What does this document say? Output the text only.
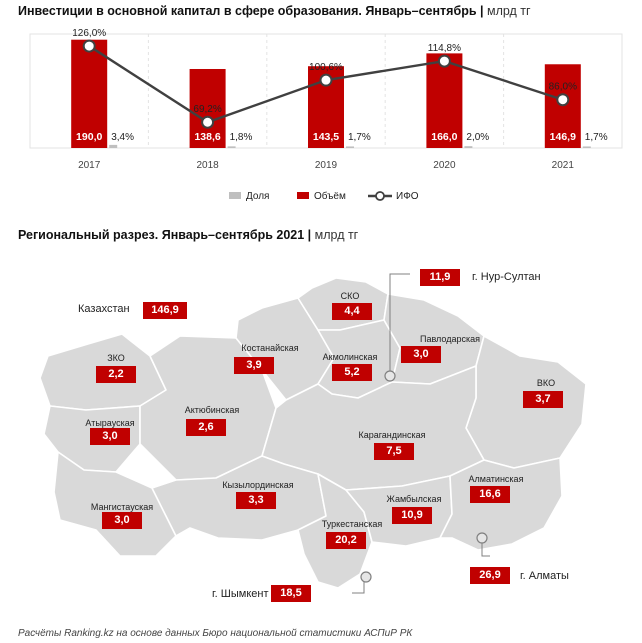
Инвестиции в основной капитал в сфере образования. Январь–сентябрь | млрд тг
190,0 3,4%
2017
138,6 1,8%
2018
143,5 1,7%
2019
166,0 2,0%
2020
146,9 1,7%
2021
126,0%
69,2%
100,6%
114,8%
86,0%
Доля	Объём	ИФО
Региональный разрез. Январь–сентябрь 2021 | млрд тг
Казахстан	146,9
СКО
4,4
Костанайская
3,9
Акмолинская
5,2
Павлодарская
3,0
ЗКО
2,2
ВКО
3,7
Актюбинская
2,6
Атырауская
3,0	Карагандинская
7,5
Кызылординская
3,3
Мангистауская
3,0
Жамбылская
10,9
Алматинская
16,6
Туркестанская
20,2
11,9	г. Нур-Султан
26,9	г. Алматы
г. Шымкент	18,5
Расчёты Ranking.kz на основе данных Бюро национальной статистики АСПиР РК
